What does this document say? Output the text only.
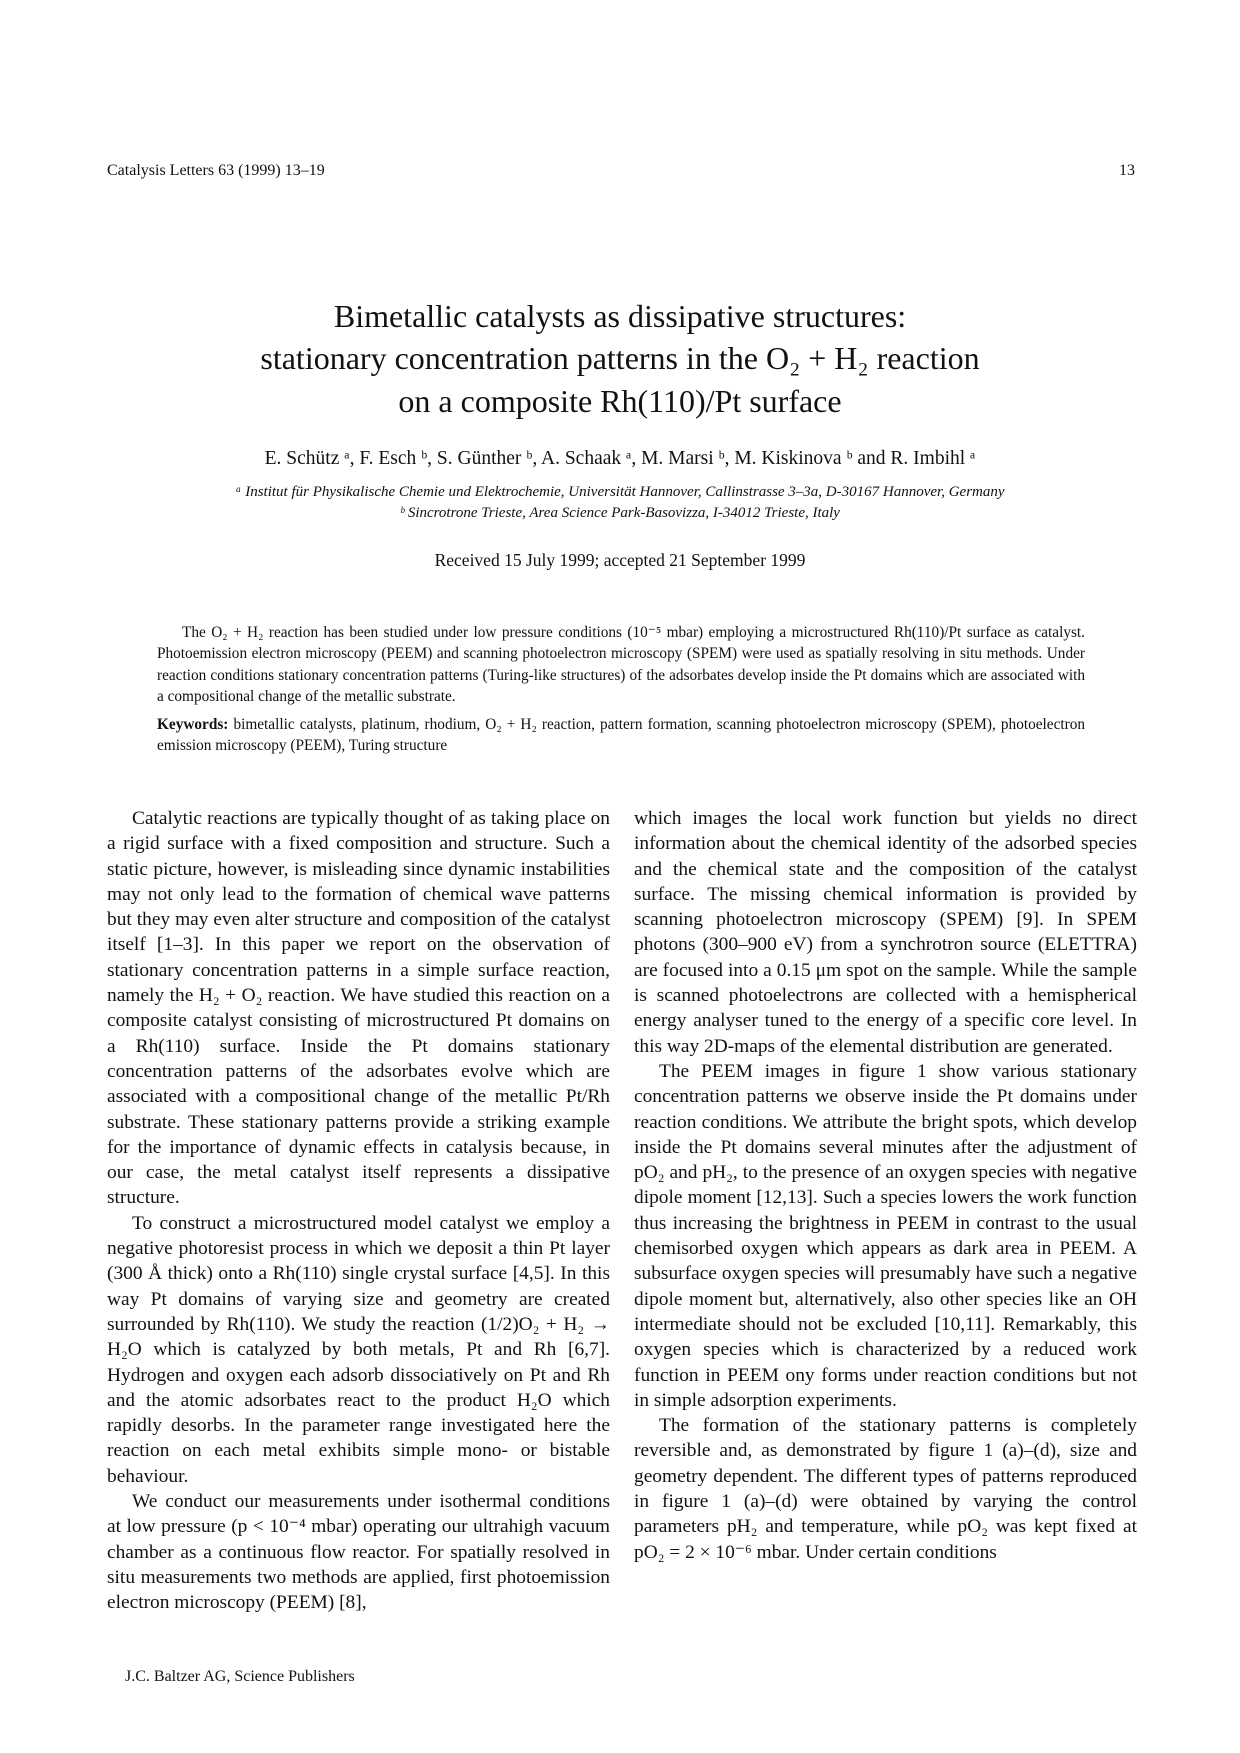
Catalysis Letters 63 (1999) 13–19	13
Bimetallic catalysts as dissipative structures:
stationary concentration patterns in the O₂ + H₂ reaction
on a composite Rh(110)/Pt surface
E. Schütz ᵃ, F. Esch ᵇ, S. Günther ᵇ, A. Schaak ᵃ, M. Marsi ᵇ, M. Kiskinova ᵇ and R. Imbihl ᵃ
ᵃ Institut für Physikalische Chemie und Elektrochemie, Universität Hannover, Callinstrasse 3–3a, D-30167 Hannover, Germany
ᵇ Sincrotrone Trieste, Area Science Park-Basovizza, I-34012 Trieste, Italy
Received 15 July 1999; accepted 21 September 1999

The O₂ + H₂ reaction has been studied under low pressure conditions (10⁻⁵ mbar) employing a microstructured Rh(110)/Pt surface as catalyst. Photoemission electron microscopy (PEEM) and scanning photoelectron microscopy (SPEM) were used as spatially resolving in situ methods. Under reaction conditions stationary concentration patterns (Turing-like structures) of the adsorbates develop inside the Pt domains which are associated with a compositional change of the metallic substrate.

Keywords: bimetallic catalysts, platinum, rhodium, O₂ + H₂ reaction, pattern formation, scanning photoelectron microscopy (SPEM), photoelectron emission microscopy (PEEM), Turing structure

Catalytic reactions are typically thought of as taking place on a rigid surface with a fixed composition and structure. Such a static picture, however, is misleading since dynamic instabilities may not only lead to the formation of chemical wave patterns but they may even alter structure and composition of the catalyst itself [1–3]. In this paper we report on the observation of stationary concentration patterns in a simple surface reaction, namely the H₂ + O₂ reaction. We have studied this reaction on a composite catalyst consisting of microstructured Pt domains on a Rh(110) surface. Inside the Pt domains stationary concentration patterns of the adsorbates evolve which are associated with a compositional change of the metallic Pt/Rh substrate. These stationary patterns provide a striking example for the importance of dynamic effects in catalysis because, in our case, the metal catalyst itself represents a dissipative structure.

To construct a microstructured model catalyst we employ a negative photoresist process in which we deposit a thin Pt layer (300 Å thick) onto a Rh(110) single crystal surface [4,5]. In this way Pt domains of varying size and geometry are created surrounded by Rh(110). We study the reaction (1/2)O₂ + H₂ → H₂O which is catalyzed by both metals, Pt and Rh [6,7]. Hydrogen and oxygen each adsorb dissociatively on Pt and Rh and the atomic adsorbates react to the product H₂O which rapidly desorbs. In the parameter range investigated here the reaction on each metal exhibits simple mono- or bistable behaviour.

We conduct our measurements under isothermal conditions at low pressure (p < 10⁻⁴ mbar) operating our ultrahigh vacuum chamber as a continuous flow reactor. For spatially resolved in situ measurements two methods are applied, first photoemission electron microscopy (PEEM) [8],

which images the local work function but yields no direct information about the chemical identity of the adsorbed species and the chemical state and the composition of the catalyst surface. The missing chemical information is provided by scanning photoelectron microscopy (SPEM) [9]. In SPEM photons (300–900 eV) from a synchrotron source (ELETTRA) are focused into a 0.15 μm spot on the sample. While the sample is scanned photoelectrons are collected with a hemispherical energy analyser tuned to the energy of a specific core level. In this way 2D-maps of the elemental distribution are generated.

The PEEM images in figure 1 show various stationary concentration patterns we observe inside the Pt domains under reaction conditions. We attribute the bright spots, which develop inside the Pt domains several minutes after the adjustment of pO₂ and pH₂, to the presence of an oxygen species with negative dipole moment [12,13]. Such a species lowers the work function thus increasing the brightness in PEEM in contrast to the usual chemisorbed oxygen which appears as dark area in PEEM. A subsurface oxygen species will presumably have such a negative dipole moment but, alternatively, also other species like an OH intermediate should not be excluded [10,11]. Remarkably, this oxygen species which is characterized by a reduced work function in PEEM ony forms under reaction conditions but not in simple adsorption experiments.

The formation of the stationary patterns is completely reversible and, as demonstrated by figure 1 (a)–(d), size and geometry dependent. The different types of patterns reproduced in figure 1 (a)–(d) were obtained by varying the control parameters pH₂ and temperature, while pO₂ was kept fixed at pO₂ = 2 × 10⁻⁶ mbar. Under certain conditions

J.C. Baltzer AG, Science Publishers
